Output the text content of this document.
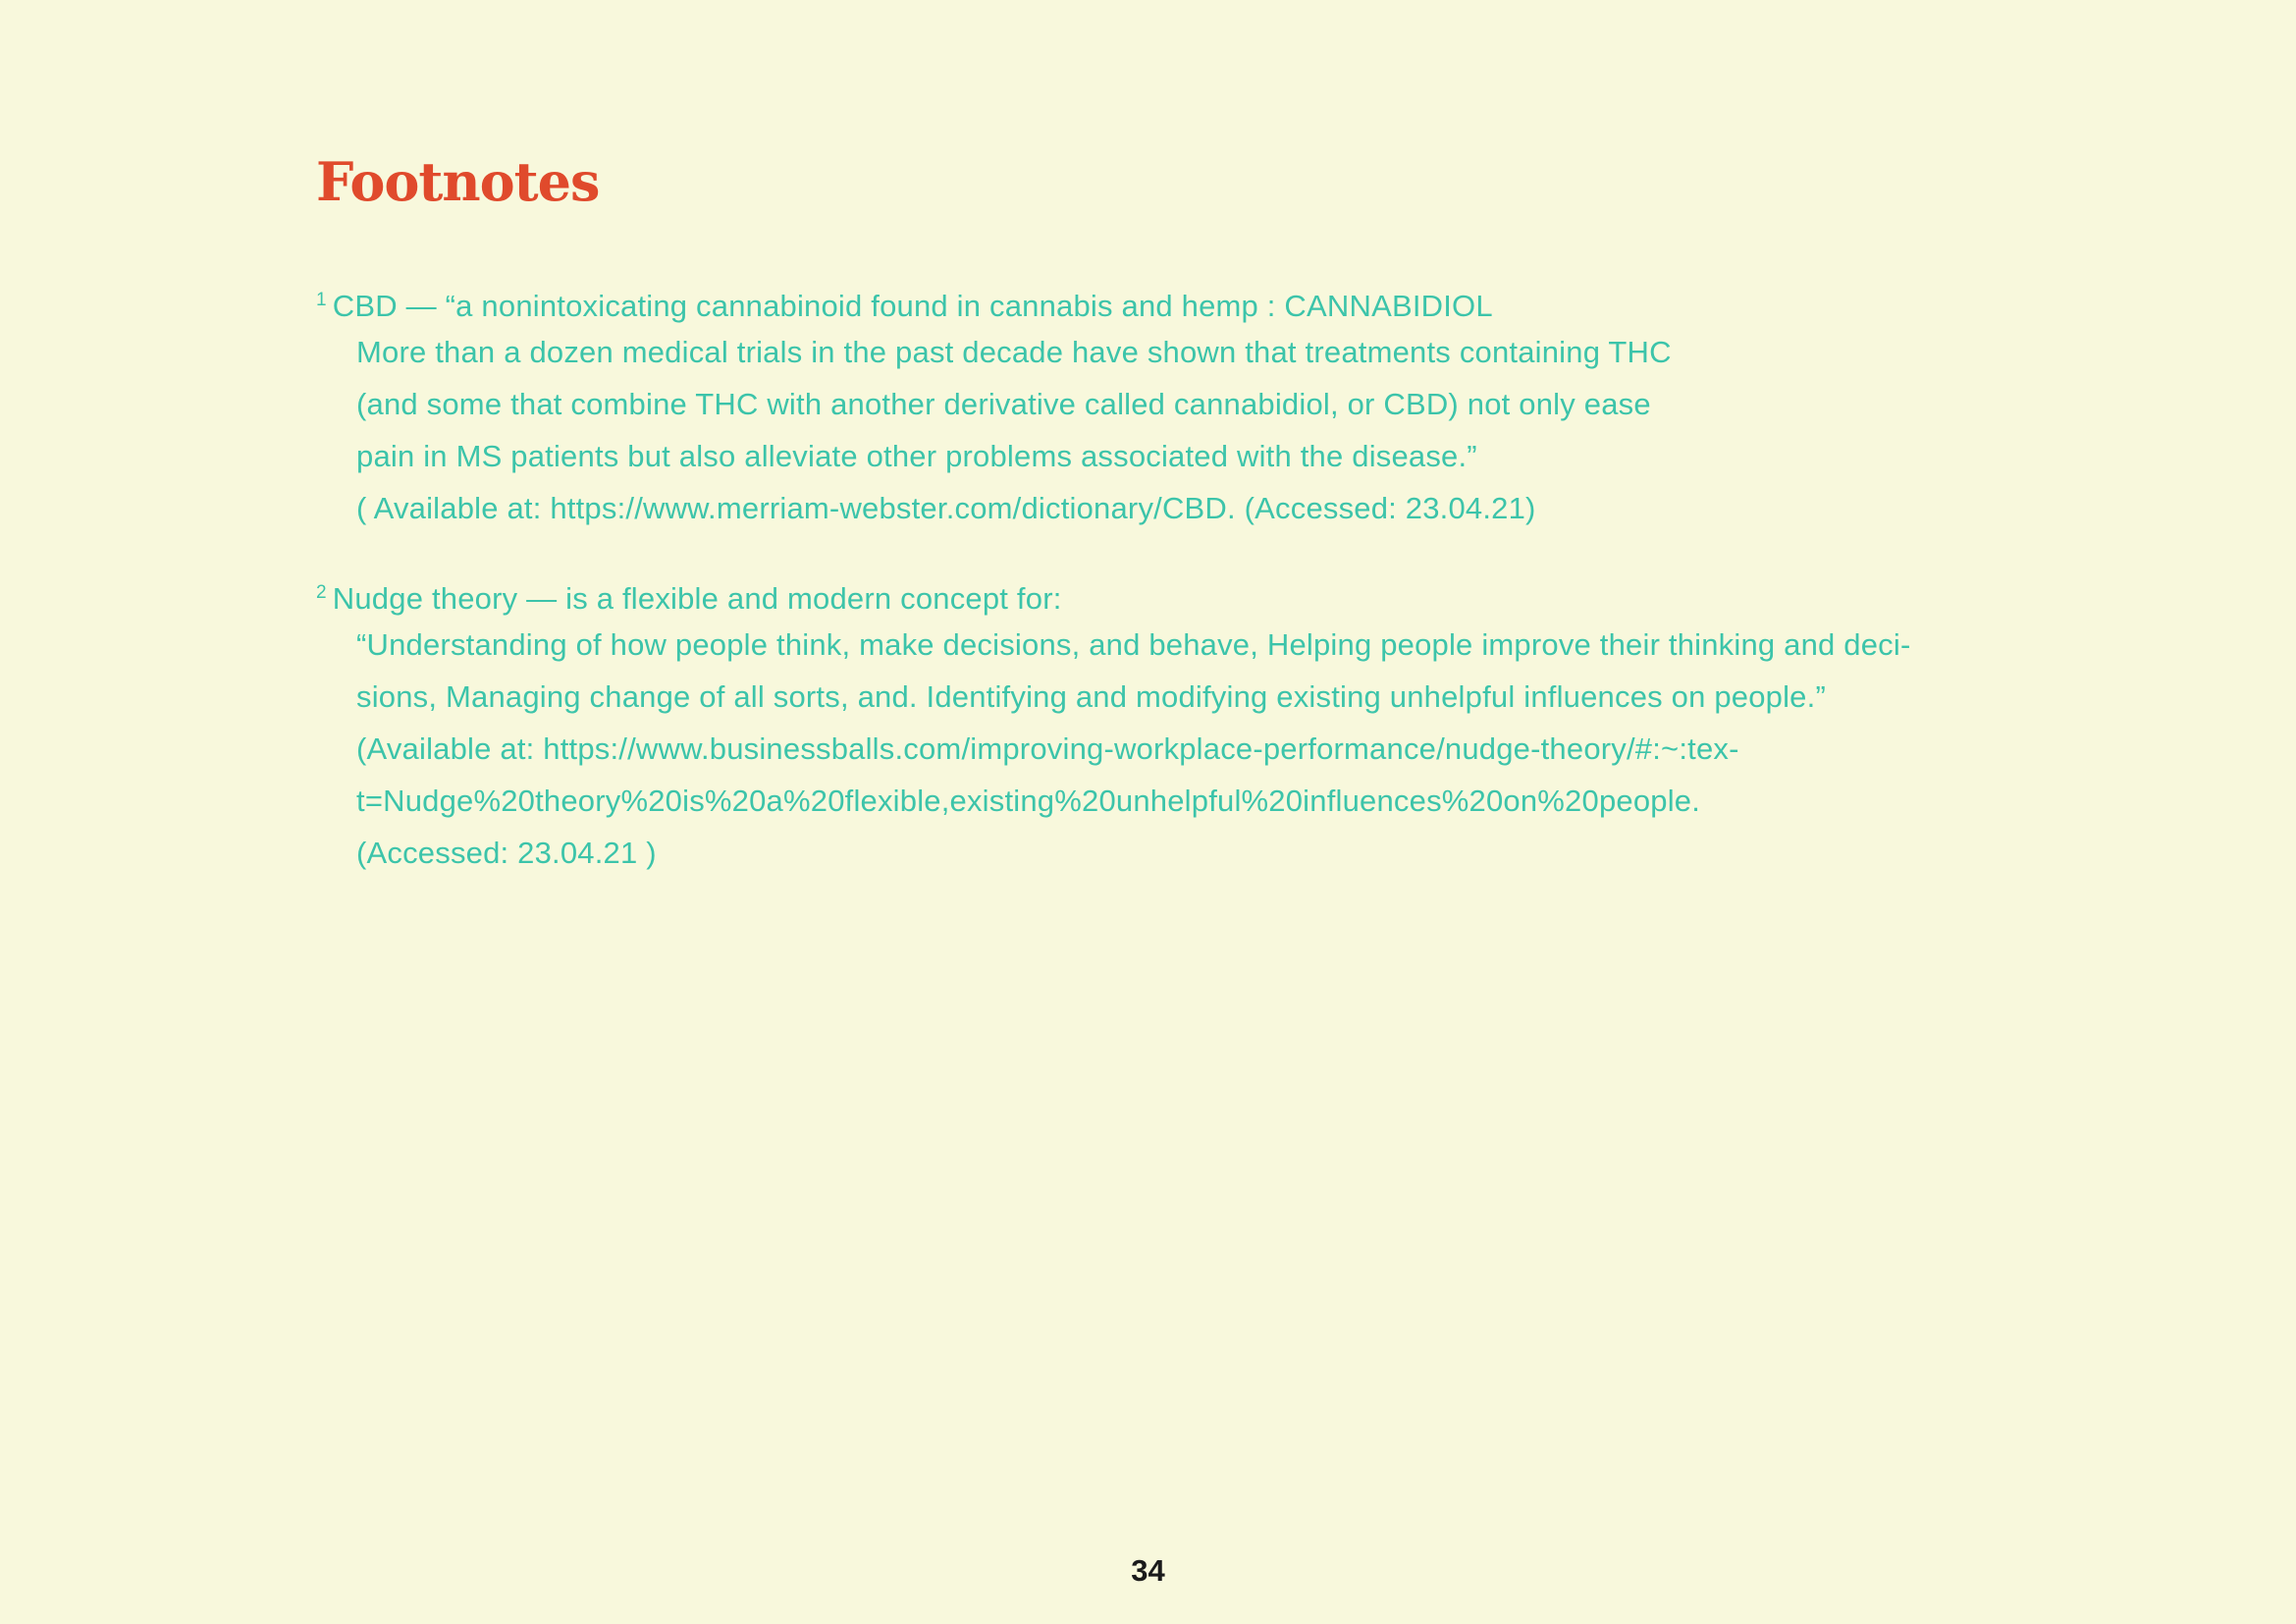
Footnotes
$^1$ CBD — “a nonintoxicating cannabinoid found in cannabis and hemp : CANNABIDIOL
More than a dozen medical trials in the past decade have shown that treatments containing THC
(and some that combine THC with another derivative called cannabidiol, or CBD) not only ease
pain in MS patients but also alleviate other problems associated with the disease.”
( Available at: https://www.merriam-webster.com/dictionary/CBD. (Accessed: 23.04.21)
$^2$ Nudge theory — is a flexible and modern concept for:
“Understanding of how people think, make decisions, and behave, Helping people improve their thinking and deci-
sions, Managing change of all sorts, and. Identifying and modifying existing unhelpful influences on people.”
(Available at: https://www.businessballs.com/improving-workplace-performance/nudge-theory/#:~:tex-
t=Nudge%20theory%20is%20a%20flexible,existing%20unhelpful%20influences%20on%20people.
(Accessed: 23.04.21 )
34
